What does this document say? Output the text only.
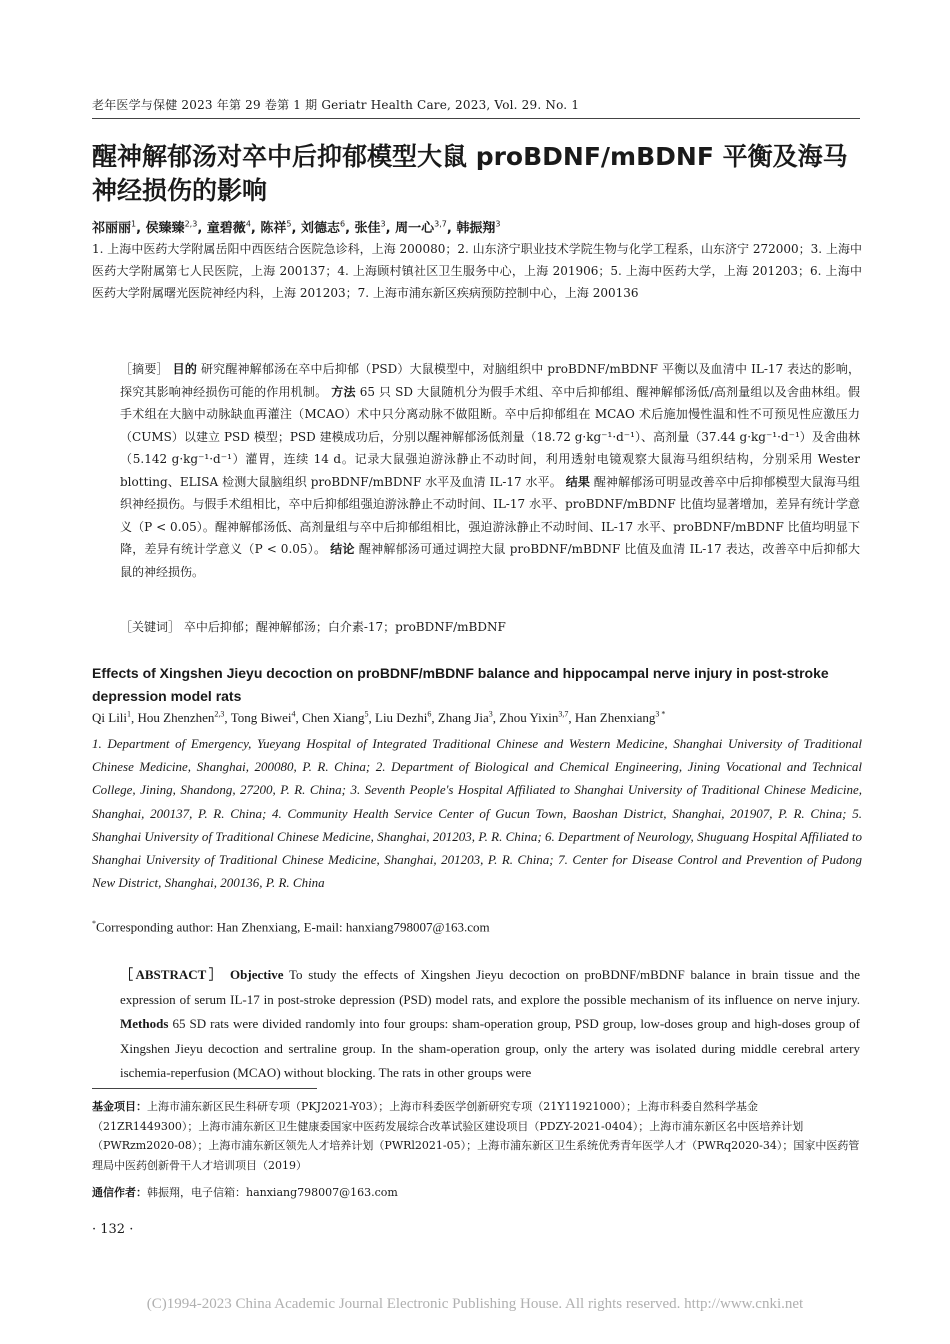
老年医学与保健 2023 年第 29 卷第 1 期 Geriatr Health Care, 2023, Vol. 29. No. 1
醒神解郁汤对卒中后抑郁模型大鼠 proBDNF/mBDNF 平衡及海马神经损伤的影响
祁丽丽$^1$, 侯臻臻$^{2,3}$, 童碧薇$^4$, 陈祥$^5$, 刘德志$^6$, 张佳$^3$, 周一心$^{3,7}$, 韩振翔$^3$
1. 上海中医药大学附属岳阳中西医结合医院急诊科，上海 200080；2. 山东济宁职业技术学院生物与化学工程系，山东济宁 272000；3. 上海中医药大学附属第七人民医院，上海 200137；4. 上海顾村镇社区卫生服务中心，上海 201906；5. 上海中医药大学，上海 201203；6. 上海中医药大学附属曙光医院神经内科，上海 201203；7. 上海市浦东新区疾病预防控制中心，上海 200136
［摘要］ 目的 研究醒神解郁汤在卒中后抑郁（PSD）大鼠模型中，对脑组织中 proBDNF/mBDNF 平衡以及血清中 IL-17 表达的影响，探究其影响神经损伤可能的作用机制。 方法 65 只 SD 大鼠随机分为假手术组、卒中后抑郁组、醒神解郁汤低/高剂量组以及舍曲林组。假手术组在大脑中动脉缺血再灌注（MCAO）术中只分离动脉不做阻断。卒中后抑郁组在 MCAO 术后施加慢性温和性不可预见性应激压力（CUMS）以建立 PSD 模型；PSD 建模成功后，分别以醒神解郁汤低剂量（18.72 g·kg⁻¹·d⁻¹）、高剂量（37.44 g·kg⁻¹·d⁻¹）及舍曲林（5.142 g·kg⁻¹·d⁻¹）灌胃，连续 14 d。记录大鼠强迫游泳静止不动时间，利用透射电镜观察大鼠海马组织结构，分别采用 Wester blotting、ELISA 检测大鼠脑组织 proBDNF/mBDNF 水平及血清 IL-17 水平。 结果 醒神解郁汤可明显改善卒中后抑郁模型大鼠海马组织神经损伤。与假手术组相比，卒中后抑郁组强迫游泳静止不动时间、IL-17 水平、proBDNF/mBDNF 比值均显著增加，差异有统计学意义（P < 0.05）。醒神解郁汤低、高剂量组与卒中后抑郁组相比，强迫游泳静止不动时间、IL-17 水平、proBDNF/mBDNF 比值均明显下降，差异有统计学意义（P < 0.05）。 结论 醒神解郁汤可通过调控大鼠 proBDNF/mBDNF 比值及血清 IL-17 表达，改善卒中后抑郁大鼠的神经损伤。
［关键词］ 卒中后抑郁；醒神解郁汤；白介素-17；proBDNF/mBDNF
Effects of Xingshen Jieyu decoction on proBDNF/mBDNF balance and hippocampal nerve injury in post-stroke depression model rats
Qi Lili$^1$, Hou Zhenzhen$^{2,3}$, Tong Biwei$^4$, Chen Xiang$^5$, Liu Dezhi$^6$, Zhang Jia$^3$, Zhou Yixin$^{3,7}$, Han Zhenxiang$^{3 *}$
1. Department of Emergency, Yueyang Hospital of Integrated Traditional Chinese and Western Medicine, Shanghai University of Traditional Chinese Medicine, Shanghai, 200080, P. R. China; 2. Department of Biological and Chemical Engineering, Jining Vocational and Technical College, Jining, Shandong, 27200, P. R. China; 3. Seventh People's Hospital Affiliated to Shanghai University of Traditional Chinese Medicine, Shanghai, 200137, P. R. China; 4. Community Health Service Center of Gucun Town, Baoshan District, Shanghai, 201907, P. R. China; 5. Shanghai University of Traditional Chinese Medicine, Shanghai, 201203, P. R. China; 6. Department of Neurology, Shuguang Hospital Affiliated to Shanghai University of Traditional Chinese Medicine, Shanghai, 201203, P. R. China; 7. Center for Disease Control and Prevention of Pudong New District, Shanghai, 200136, P. R. China
*Corresponding author: Han Zhenxiang, E-mail: hanxiang798007@163.com
［ABSTRACT］ Objective To study the effects of Xingshen Jieyu decoction on proBDNF/mBDNF balance in brain tissue and the expression of serum IL-17 in post-stroke depression (PSD) model rats, and explore the possible mechanism of its influence on nerve injury. Methods 65 SD rats were divided randomly into four groups: sham-operation group, PSD group, low-doses group and high-doses group of Xingshen Jieyu decoction and sertraline group. In the sham-operation group, only the artery was isolated during middle cerebral artery ischemia-reperfusion (MCAO) without blocking. The rats in other groups were
基金项目：上海市浦东新区民生科研专项（PKJ2021-Y03）；上海市科委医学创新研究专项（21Y11921000）；上海市科委自然科学基金（21ZR1449300）；上海市浦东新区卫生健康委国家中医药发展综合改革试验区建设项目（PDZY-2021-0404）；上海市浦东新区名中医培养计划（PWRzm2020-08）；上海市浦东新区领先人才培养计划（PWRl2021-05）；上海市浦东新区卫生系统优秀青年医学人才（PWRq2020-34）；国家中医药管理局中医药创新骨干人才培训项目（2019）
通信作者：韩振翔，电子信箱：hanxiang798007@163.com
· 132 ·
(C)1994-2023 China Academic Journal Electronic Publishing House. All rights reserved. http://www.cnki.net
